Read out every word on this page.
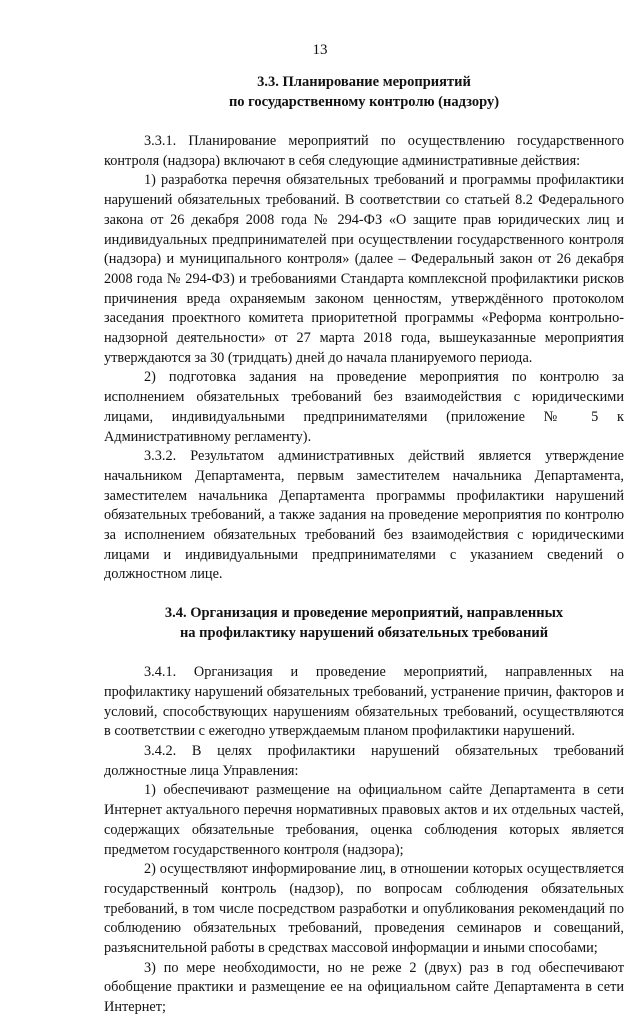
13
3.3. Планирование мероприятий
по государственному контролю (надзору)

3.3.1. Планирование мероприятий по осуществлению государственного контроля (надзора) включают в себя следующие административные действия:

1) разработка перечня обязательных требований и программы профилактики нарушений обязательных требований. В соответствии со статьей 8.2 Федерального закона от 26 декабря 2008 года № 294-ФЗ «О защите прав юридических лиц и индивидуальных предпринимателей при осуществлении государственного контроля (надзора) и муниципального контроля» (далее – Федеральный закон от 26 декабря 2008 года № 294-ФЗ) и требованиями Стандарта комплексной профилактики рисков причинения вреда охраняемым законом ценностям, утверждённого протоколом заседания проектного комитета приоритетной программы «Реформа контрольно-надзорной деятельности» от 27 марта 2018 года, вышеуказанные мероприятия утверждаются за 30 (тридцать) дней до начала планируемого периода.

2) подготовка задания на проведение мероприятия по контролю за исполнением обязательных требований без взаимодействия с юридическими лицами, индивидуальными предпринимателями (приложение № 5 к Административному регламенту).

3.3.2. Результатом административных действий является утверждение начальником Департамента, первым заместителем начальника Департамента, заместителем начальника Департамента программы профилактики нарушений обязательных требований, а также задания на проведение мероприятия по контролю за исполнением обязательных требований без взаимодействия с юридическими лицами и индивидуальными предпринимателями с указанием сведений о должностном лице.

3.4. Организация и проведение мероприятий, направленных
на профилактику нарушений обязательных требований

3.4.1. Организация и проведение мероприятий, направленных на профилактику нарушений обязательных требований, устранение причин, факторов и условий, способствующих нарушениям обязательных требований, осуществляются в соответствии с ежегодно утверждаемым планом профилактики нарушений.

3.4.2. В целях профилактики нарушений обязательных требований должностные лица Управления:

1) обеспечивают размещение на официальном сайте Департамента в сети Интернет актуального перечня нормативных правовых актов и их отдельных частей, содержащих обязательные требования, оценка соблюдения которых является предметом государственного контроля (надзора);

2) осуществляют информирование лиц, в отношении которых осуществляется государственный контроль (надзор), по вопросам соблюдения обязательных требований, в том числе посредством разработки и опубликования рекомендаций по соблюдению обязательных требований, проведения семинаров и совещаний, разъяснительной работы в средствах массовой информации и иными способами;

3) по мере необходимости, но не реже 2 (двух) раз в год обеспечивают обобщение практики и размещение ее на официальном сайте Департамента в сети Интернет;
